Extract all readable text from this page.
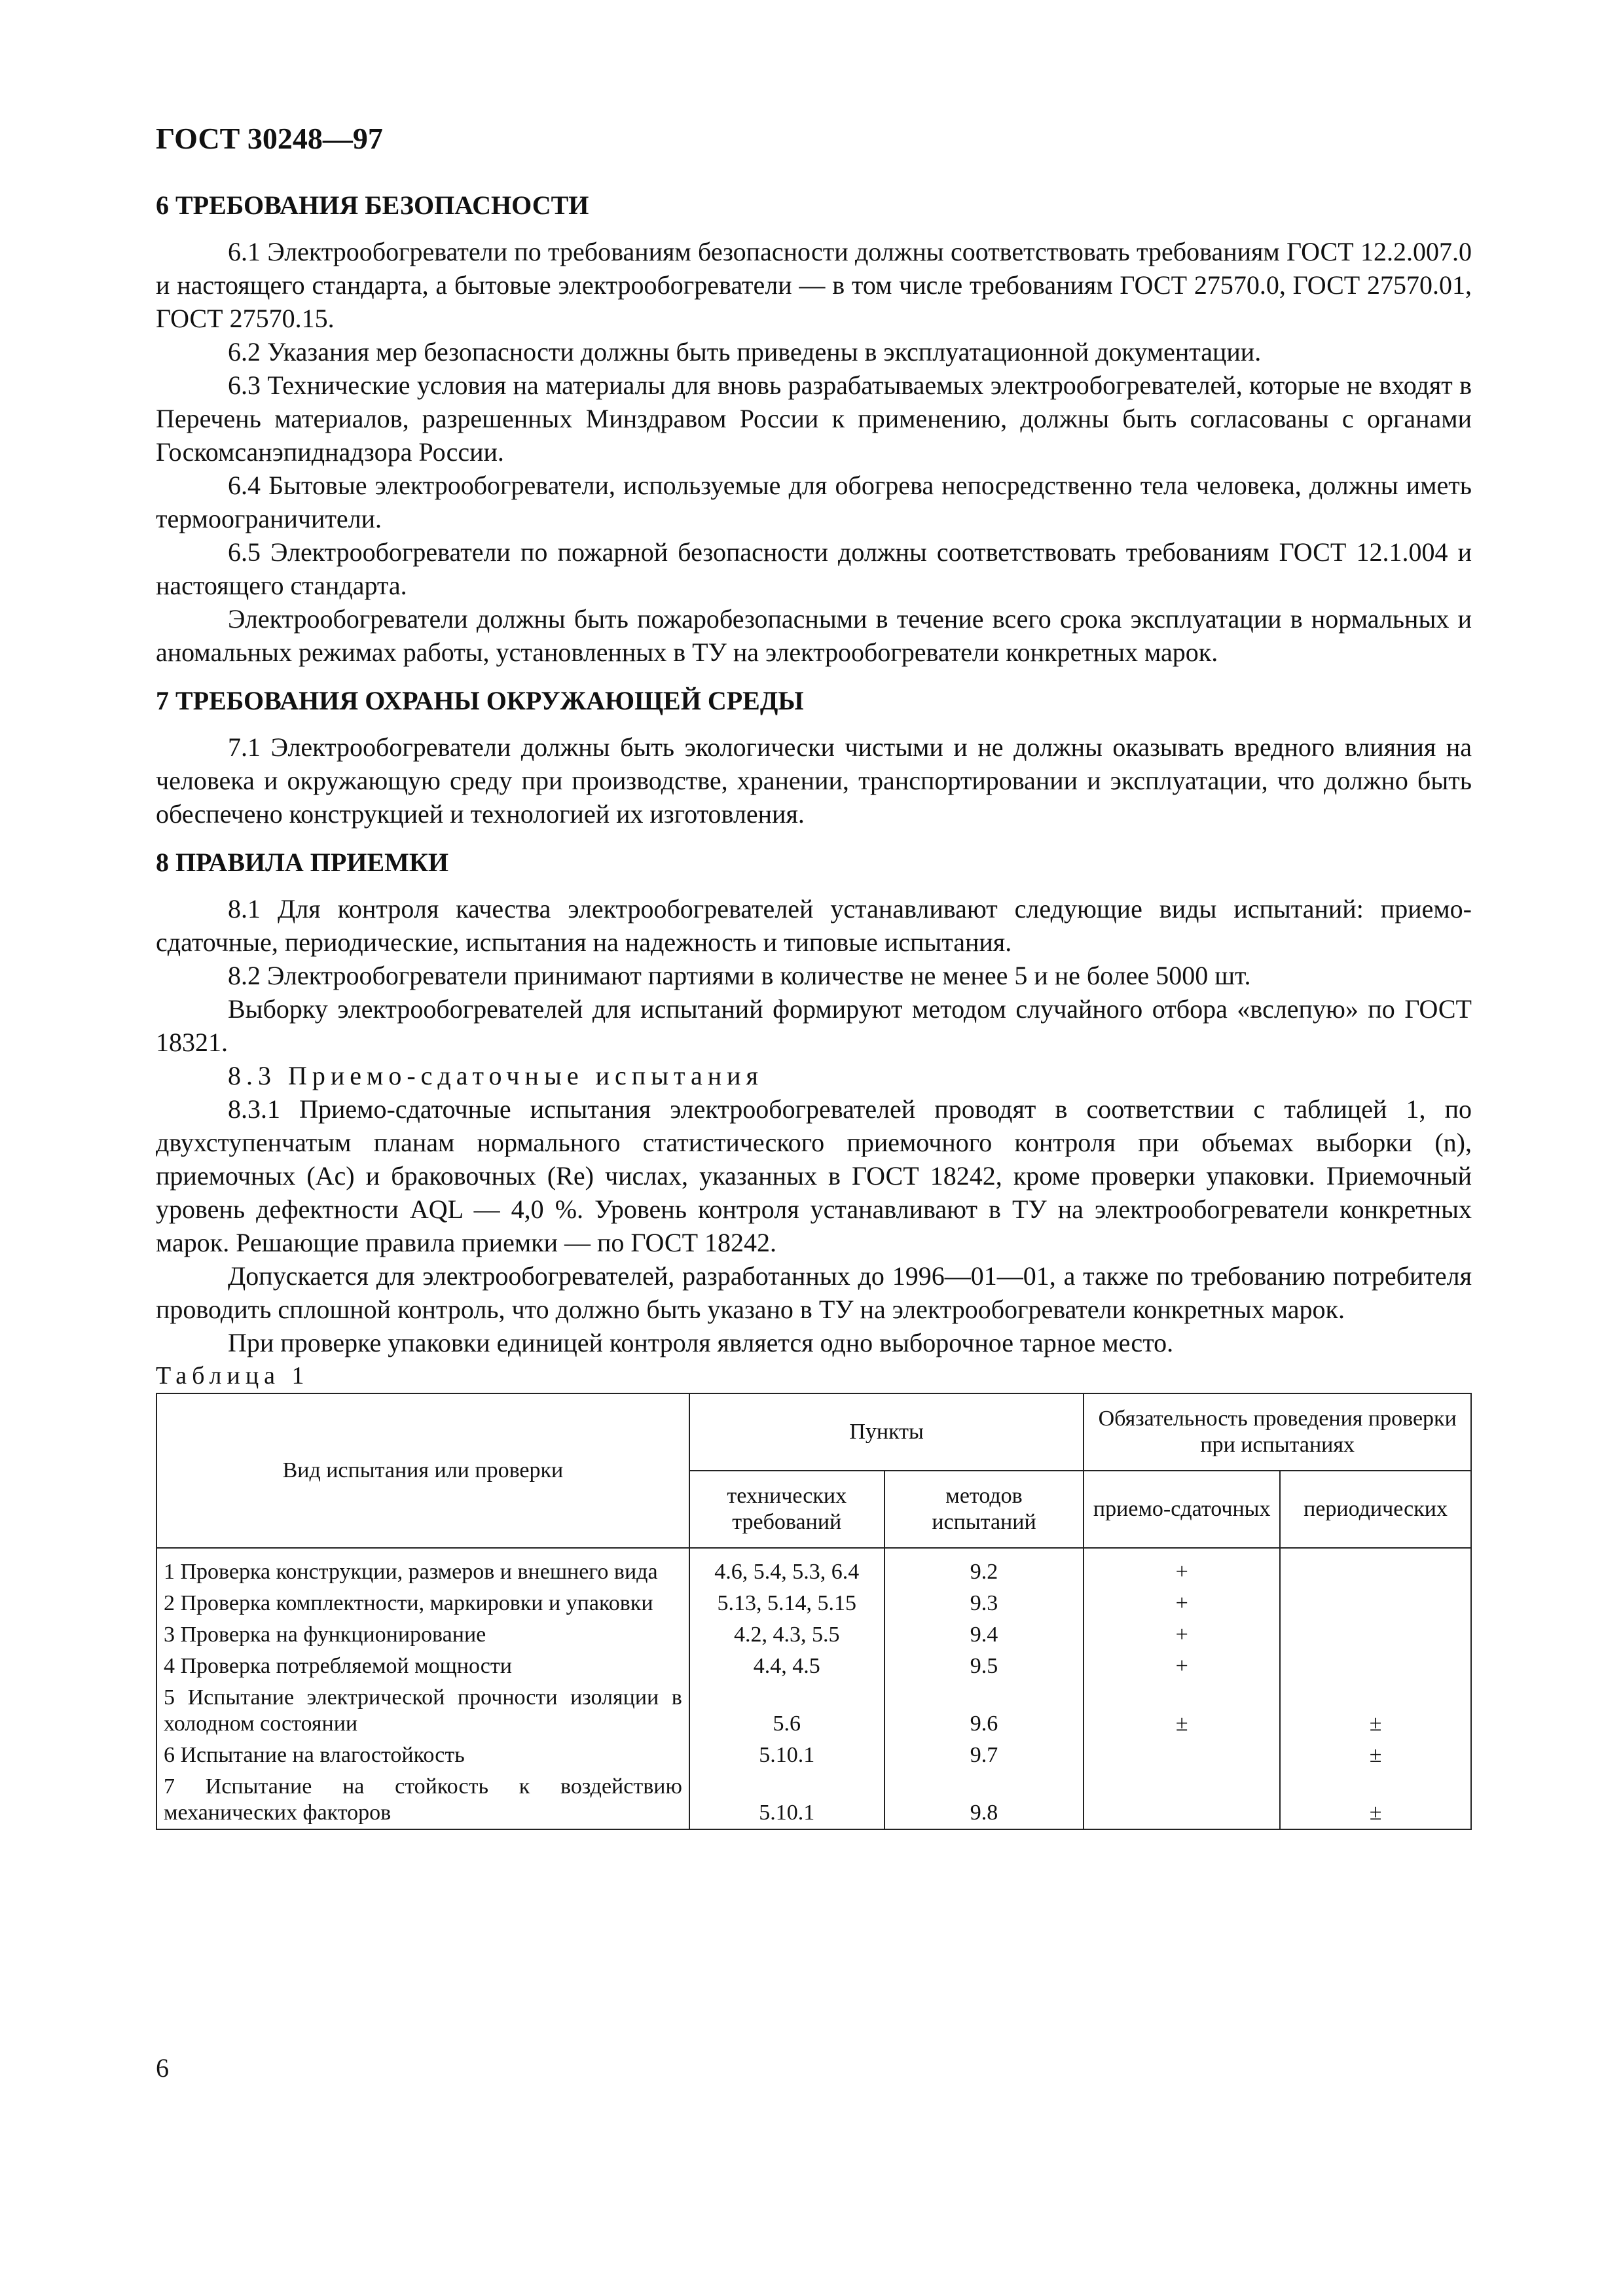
ГОСТ 30248—97
6 ТРЕБОВАНИЯ БЕЗОПАСНОСТИ

6.1 Электрообогреватели по требованиям безопасности должны соответствовать требованиям ГОСТ 12.2.007.0 и настоящего стандарта, а бытовые электрообогреватели — в том числе требованиям ГОСТ 27570.0, ГОСТ 27570.01, ГОСТ 27570.15.

6.2 Указания мер безопасности должны быть приведены в эксплуатационной документации.

6.3 Технические условия на материалы для вновь разрабатываемых электрообогревателей, которые не входят в Перечень материалов, разрешенных Минздравом России к применению, должны быть согласованы с органами Госкомсанэпиднадзора России.

6.4 Бытовые электрообогреватели, используемые для обогрева непосредственно тела человека, должны иметь термоограничители.

6.5 Электрообогреватели по пожарной безопасности должны соответствовать требованиям ГОСТ 12.1.004 и настоящего стандарта.

Электрообогреватели должны быть пожаробезопасными в течение всего срока эксплуатации в нормальных и аномальных режимах работы, установленных в ТУ на электрообогреватели конкретных марок.

7 ТРЕБОВАНИЯ ОХРАНЫ ОКРУЖАЮЩЕЙ СРЕДЫ

7.1 Электрообогреватели должны быть экологически чистыми и не должны оказывать вредного влияния на человека и окружающую среду при производстве, хранении, транспортировании и эксплуатации, что должно быть обеспечено конструкцией и технологией их изготовления.

8 ПРАВИЛА ПРИЕМКИ

8.1 Для контроля качества электрообогревателей устанавливают следующие виды испытаний: приемо-сдаточные, периодические, испытания на надежность и типовые испытания.

8.2 Электрообогреватели принимают партиями в количестве не менее 5 и не более 5000 шт.

Выборку электрообогревателей для испытаний формируют методом случайного отбора «вслепую» по ГОСТ 18321.

8.3 Приемо-сдаточные испытания

8.3.1 Приемо-сдаточные испытания электрообогревателей проводят в соответствии с таблицей 1, по двухступенчатым планам нормального статистического приемочного контроля при объемах выборки (n), приемочных (Ac) и браковочных (Re) числах, указанных в ГОСТ 18242, кроме проверки упаковки. Приемочный уровень дефектности AQL — 4,0 %. Уровень контроля устанавливают в ТУ на электрообогреватели конкретных марок. Решающие правила приемки — по ГОСТ 18242.

Допускается для электрообогревателей, разработанных до 1996—01—01, а также по требованию потребителя проводить сплошной контроль, что должно быть указано в ТУ на электрообогреватели конкретных марок.

При проверке упаковки единицей контроля является одно выборочное тарное место.

Таблица 1

Вид испытания или проверки	Пункты		Обязательность проведения проверки при испытаниях	
	технических требований	методов испытаний	приемо-сдаточных	периодических
1 Проверка конструкции, размеров и внешнего вида	4.6, 5.4, 5.3, 6.4	9.2	+	
2 Проверка комплектности, маркировки и упаковки	5.13, 5.14, 5.15	9.3	+	
3 Проверка на функционирование	4.2, 4.3, 5.5	9.4	+	
4 Проверка потребляемой мощности	4.4, 4.5	9.5	+	
5 Испытание электрической прочности изоляции в холодном состоянии	5.6	9.6	±	±
6 Испытание на влагостойкость	5.10.1	9.7		±
7 Испытание на стойкость к воздействию механических факторов	5.10.1	9.8		±

6
